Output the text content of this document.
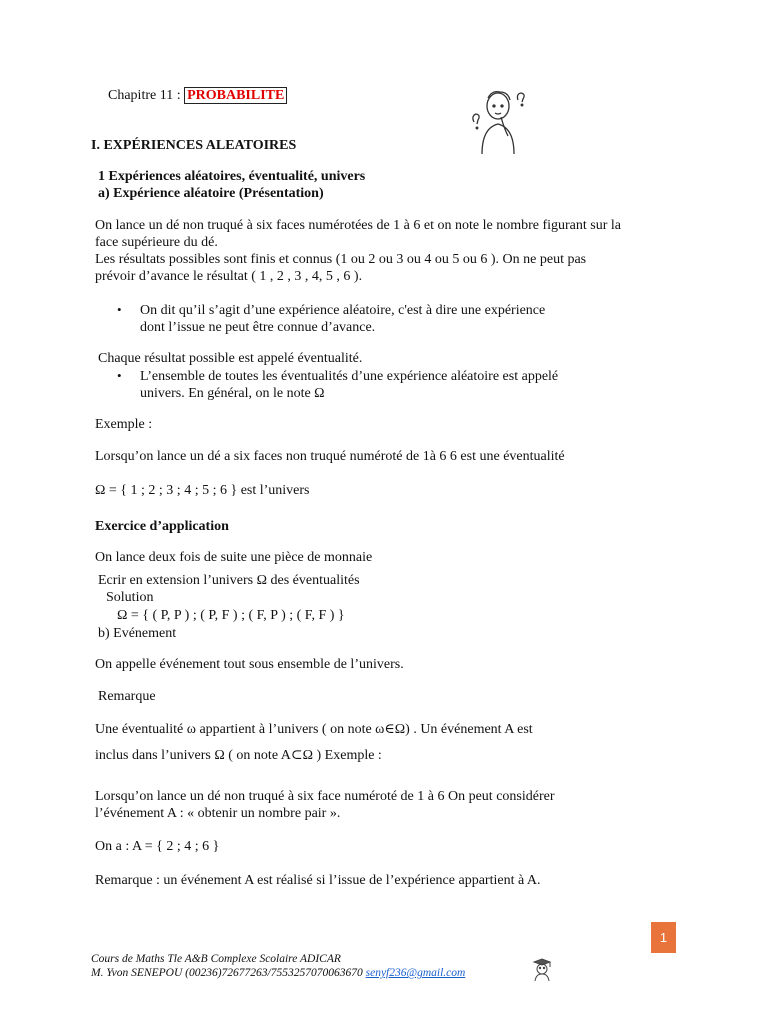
Chapitre 11 : PROBABILITE
I. EXPÉRIENCES ALEATOIRES
1 Expériences aléatoires, éventualité, univers
a) Expérience aléatoire (Présentation)
On lance un dé non truqué à six faces numérotées de 1 à 6 et on note le nombre figurant sur la
face supérieure du dé.
Les résultats possibles sont finis et connus (1 ou 2 ou 3 ou 4 ou 5 ou 6 ). On ne peut pas
prévoir d’avance le résultat ( 1 , 2 , 3 , 4, 5 , 6 ).
• On dit qu’il s’agit d’une expérience aléatoire, c'est à dire une expérience
dont l’issue ne peut être connue d’avance.
Chaque résultat possible est appelé éventualité.
• L’ensemble de toutes les éventualités d’une expérience aléatoire est appelé
univers. En général, on le note Ω
Exemple :
Lorsqu’on lance un dé a six faces non truqué numéroté de 1à 6 6 est une éventualité
Ω = { 1 ; 2 ; 3 ; 4 ; 5 ; 6 } est l’univers
Exercice d’application
On lance deux fois de suite une pièce de monnaie
Ecrir en extension l’univers Ω des éventualités
Solution
Ω = { ( P, P ) ; ( P, F ) ; ( F, P ) ; ( F, F ) }
b) Evénement
On appelle événement tout sous ensemble de l’univers.
Remarque
Une éventualité ω appartient à l’univers ( on note ω∈Ω) . Un événement A est
inclus dans l’univers Ω ( on note A⊂Ω ) Exemple :
Lorsqu’on lance un dé non truqué à six face numéroté de 1 à 6 On peut considérer
l’événement A : « obtenir un nombre pair ».
On a : A = { 2 ; 4 ; 6 }
Remarque : un événement A est réalisé si l’issue de l’expérience appartient à A.
1
Cours de Maths Tle A&B Complexe Scolaire ADICAR
M. Yvon SENEPOU (00236)72677263/7553257070063670 senyf236@gmail.com
